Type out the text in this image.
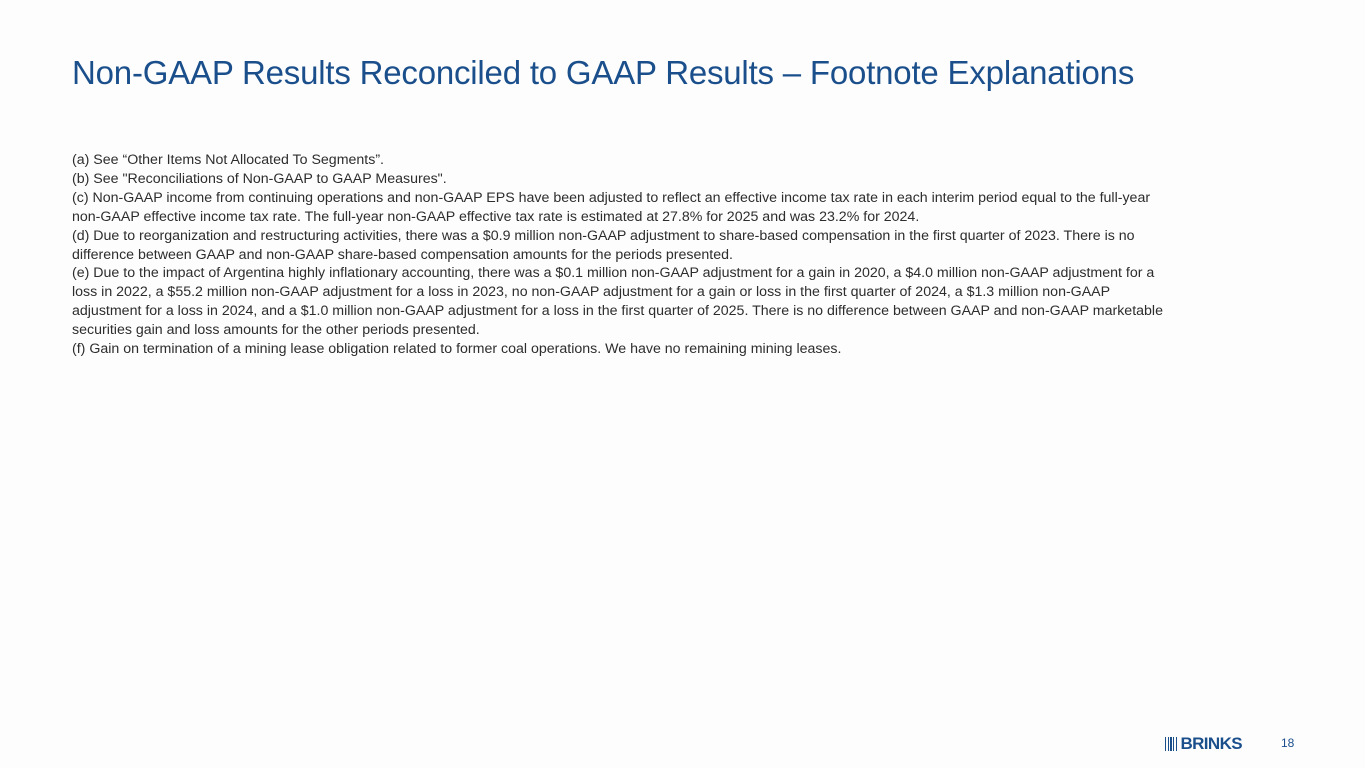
Non-GAAP Results Reconciled to GAAP Results – Footnote Explanations

(a) See “Other Items Not Allocated To Segments”.

(b) See "Reconciliations of Non-GAAP to GAAP Measures".

(c) Non-GAAP income from continuing operations and non-GAAP EPS have been adjusted to reflect an effective income tax rate in each interim period equal to the full-year non-GAAP effective income tax rate. The full-year non-GAAP effective tax rate is estimated at 27.8% for 2025 and was 23.2% for 2024.

(d) Due to reorganization and restructuring activities, there was a $0.9 million non-GAAP adjustment to share-based compensation in the first quarter of 2023. There is no difference between GAAP and non-GAAP share-based compensation amounts for the periods presented.

(e) Due to the impact of Argentina highly inflationary accounting, there was a $0.1 million non-GAAP adjustment for a gain in 2020, a $4.0 million non-GAAP adjustment for a loss in 2022, a $55.2 million non-GAAP adjustment for a loss in 2023, no non-GAAP adjustment for a gain or loss in the first quarter of 2024, a $1.3 million non-GAAP adjustment for a loss in 2024, and a $1.0 million non-GAAP adjustment for a loss in the first quarter of 2025. There is no difference between GAAP and non-GAAP marketable securities gain and loss amounts for the other periods presented.

(f) Gain on termination of a mining lease obligation related to former coal operations. We have no remaining mining leases.

BRINKS	18
